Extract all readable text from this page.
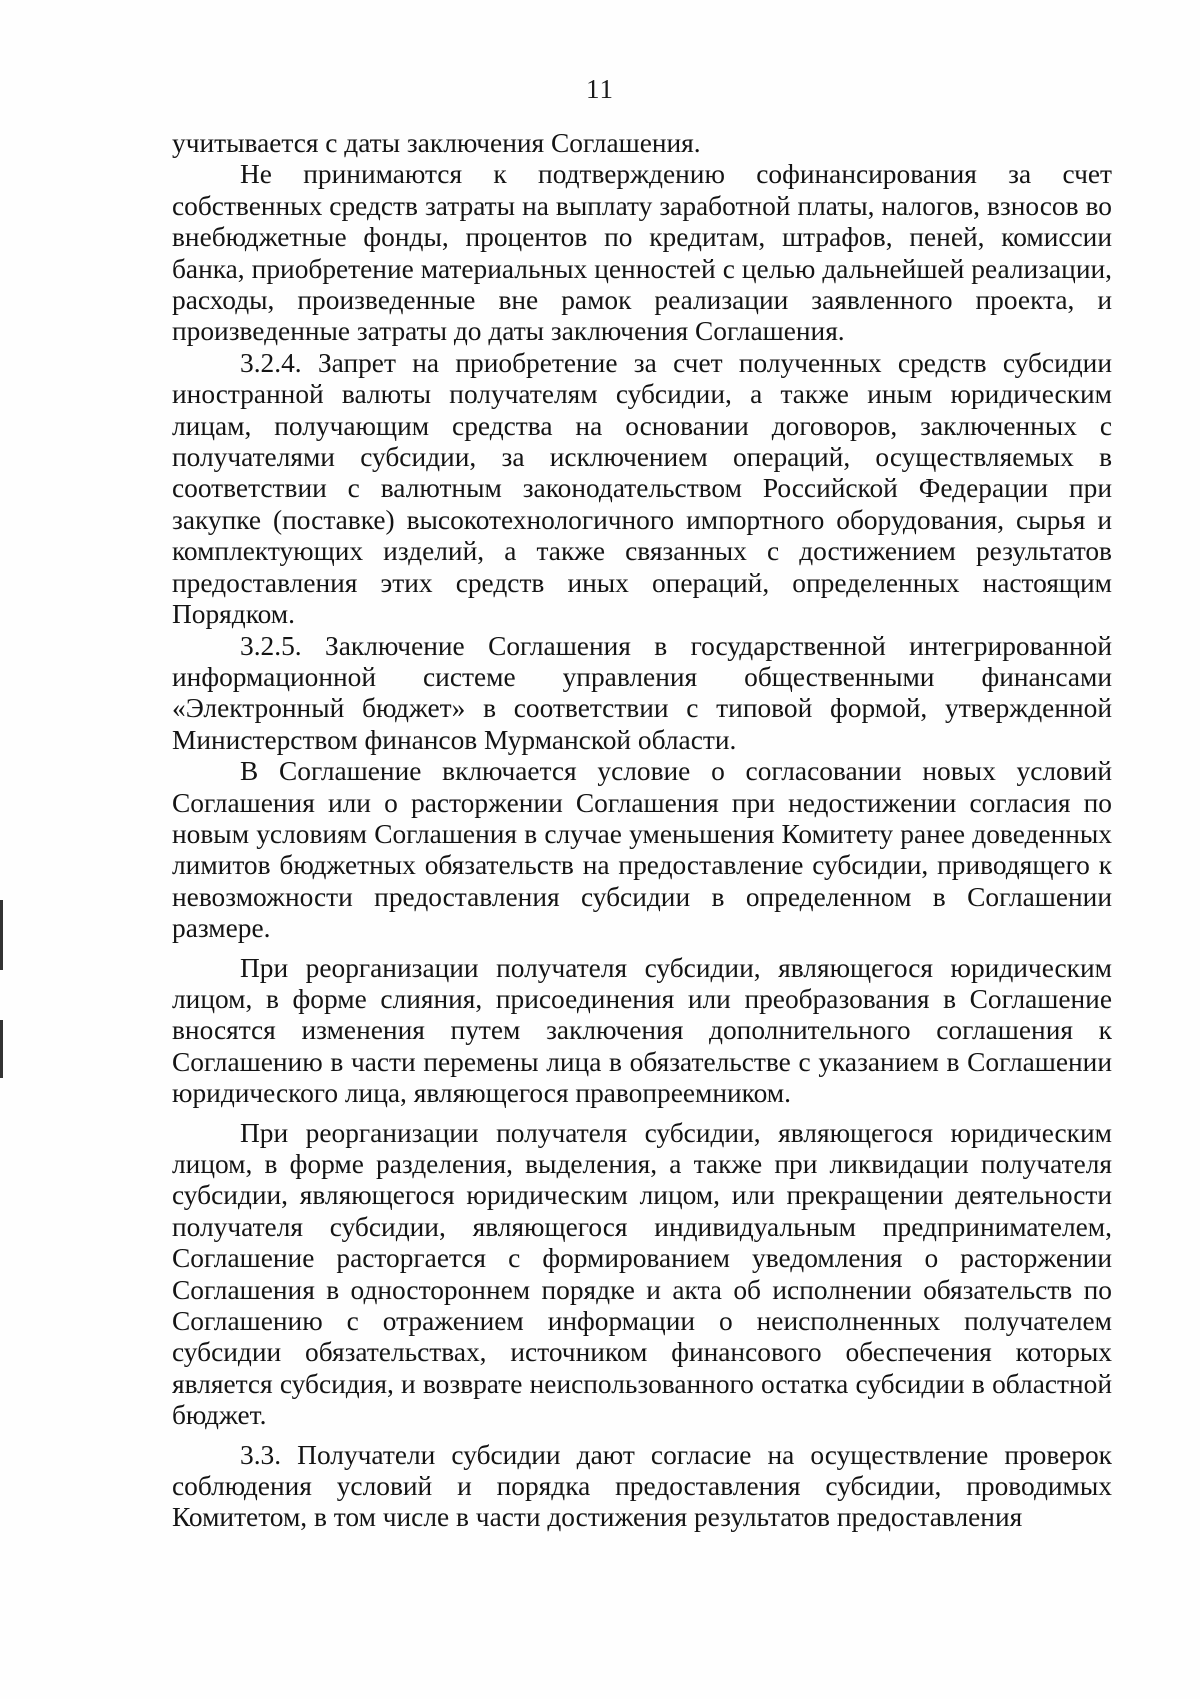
11

учитывается с даты заключения Соглашения.

Не принимаются к подтверждению софинансирования за счет собственных средств затраты на выплату заработной платы, налогов, взносов во внебюджетные фонды, процентов по кредитам, штрафов, пеней, комиссии банка, приобретение материальных ценностей с целью дальнейшей реализации, расходы, произведенные вне рамок реализации заявленного проекта, и произведенные затраты до даты заключения Соглашения.

3.2.4. Запрет на приобретение за счет полученных средств субсидии иностранной валюты получателям субсидии, а также иным юридическим лицам, получающим средства на основании договоров, заключенных с получателями субсидии, за исключением операций, осуществляемых в соответствии с валютным законодательством Российской Федерации при закупке (поставке) высокотехнологичного импортного оборудования, сырья и комплектующих изделий, а также связанных с достижением результатов предоставления этих средств иных операций, определенных настоящим Порядком.

3.2.5. Заключение Соглашения в государственной интегрированной информационной системе управления общественными финансами «Электронный бюджет» в соответствии с типовой формой, утвержденной Министерством финансов Мурманской области.

В Соглашение включается условие о согласовании новых условий Соглашения или о расторжении Соглашения при недостижении согласия по новым условиям Соглашения в случае уменьшения Комитету ранее доведенных лимитов бюджетных обязательств на предоставление субсидии, приводящего к невозможности предоставления субсидии в определенном в Соглашении размере.

При реорганизации получателя субсидии, являющегося юридическим лицом, в форме слияния, присоединения или преобразования в Соглашение вносятся изменения путем заключения дополнительного соглашения к Соглашению в части перемены лица в обязательстве с указанием в Соглашении юридического лица, являющегося правопреемником.

При реорганизации получателя субсидии, являющегося юридическим лицом, в форме разделения, выделения, а также при ликвидации получателя субсидии, являющегося юридическим лицом, или прекращении деятельности получателя субсидии, являющегося индивидуальным предпринимателем, Соглашение расторгается с формированием уведомления о расторжении Соглашения в одностороннем порядке и акта об исполнении обязательств по Соглашению с отражением информации о неисполненных получателем субсидии обязательствах, источником финансового обеспечения которых является субсидия, и возврате неиспользованного остатка субсидии в областной бюджет.

3.3. Получатели субсидии дают согласие на осуществление проверок соблюдения условий и порядка предоставления субсидии, проводимых Комитетом, в том числе в части достижения результатов предоставления
